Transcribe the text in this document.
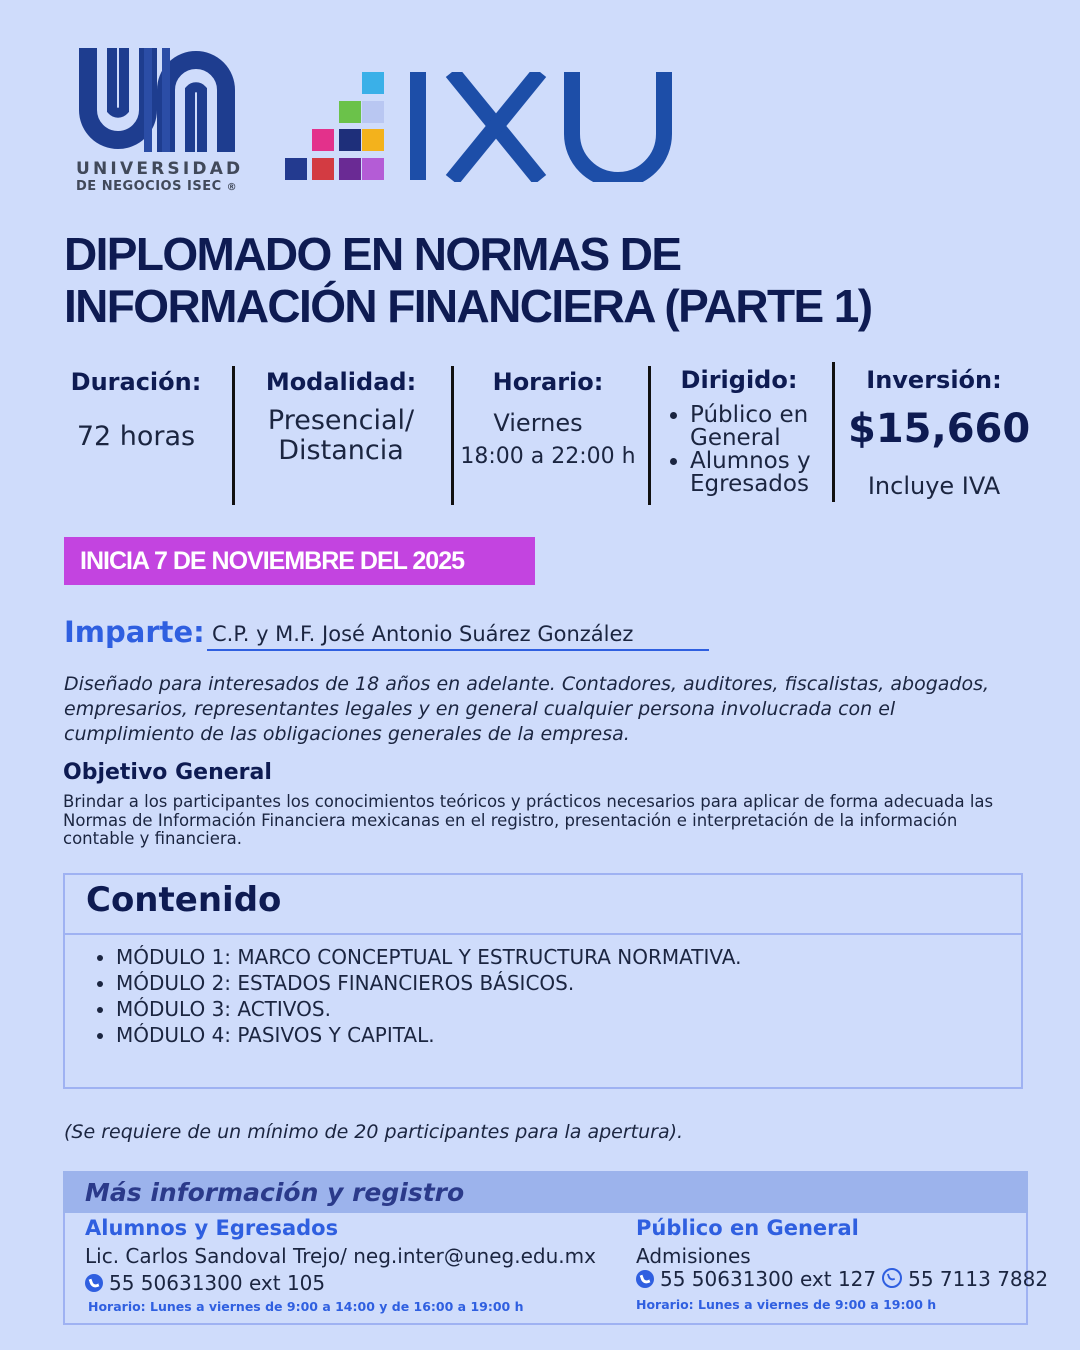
UNIVERSIDAD
DE NEGOCIOS ISEC ®
DIPLOMADO EN NORMAS DE
INFORMACIÓN FINANCIERA (PARTE 1)
Duración:
72 horas
Modalidad:
Presencial/
Distancia
Horario:
Viernes
18:00 a 22:00 h
Dirigido:
• Público en General
• Alumnos y Egresados
Inversión:
$15,660
Incluye IVA
INICIA 7 DE NOVIEMBRE DEL 2025
Imparte: C.P. y M.F. José Antonio Suárez González
Diseñado para interesados de 18 años en adelante. Contadores, auditores, fiscalistas, abogados, empresarios, representantes legales y en general cualquier persona involucrada con el cumplimiento de las obligaciones generales de la empresa.
Objetivo General
Brindar a los participantes los conocimientos teóricos y prácticos necesarios para aplicar de forma adecuada las Normas de Información Financiera mexicanas en el registro, presentación e interpretación de la información contable y financiera.
Contenido
• MÓDULO 1: MARCO CONCEPTUAL Y ESTRUCTURA NORMATIVA.
• MÓDULO 2: ESTADOS FINANCIEROS BÁSICOS.
• MÓDULO 3: ACTIVOS.
• MÓDULO 4: PASIVOS Y CAPITAL.
(Se requiere de un mínimo de 20 participantes para la apertura).
Más información y registro
Alumnos y Egresados
Lic. Carlos Sandoval Trejo/ neg.inter@uneg.edu.mx
55 50631300 ext 105
Horario: Lunes a viernes de 9:00 a 14:00 y de 16:00 a 19:00 h
Público en General
Admisiones
55 50631300 ext 127 55 7113 7882
Horario: Lunes a viernes de 9:00 a 19:00 h
